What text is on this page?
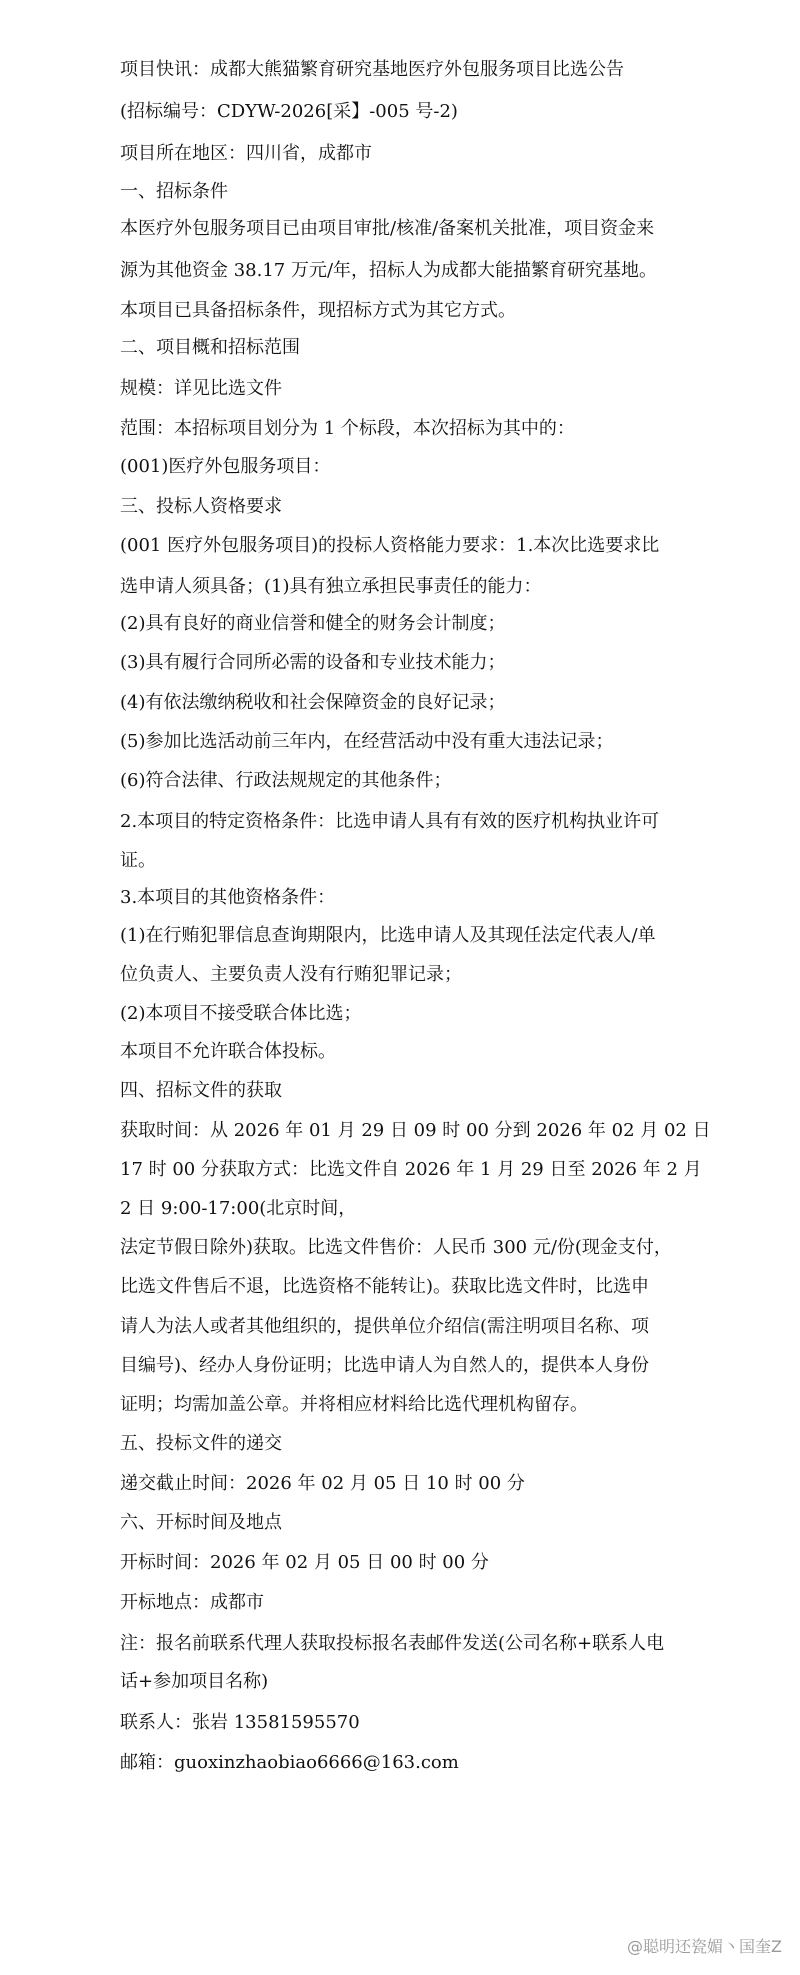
项目快讯：成都大熊猫繁育研究基地医疗外包服务项目比选公告
(招标编号：CDYW-2026[采】-005 号-2)
项目所在地区：四川省，成都市
一、招标条件
本医疗外包服务项目已由项目审批/核准/备案机关批准，项目资金来
源为其他资金 38.17 万元/年，招标人为成都大能描繁育研究基地。
本项目已具备招标条件，现招标方式为其它方式。
二、项目概和招标范围
规模：详见比选文件
范围：本招标项目划分为 1 个标段，本次招标为其中的：
(001)医疗外包服务项目：
三、投标人资格要求
(001 医疗外包服务项目)的投标人资格能力要求：1.本次比选要求比
选申请人须具备；(1)具有独立承担民事责任的能力：
(2)具有良好的商业信誉和健全的财务会计制度；
(3)具有履行合同所必需的设备和专业技术能力；
(4)有依法缴纳税收和社会保障资金的良好记录；
(5)参加比选活动前三年内，在经营活动中没有重大违法记录；
(6)符合法律、行政法规规定的其他条件；
2.本项目的特定资格条件：比选申请人具有有效的医疗机构执业许可
证。
3.本项目的其他资格条件：
(1)在行贿犯罪信息查询期限内，比选申请人及其现任法定代表人/单
位负责人、主要负责人没有行贿犯罪记录；
(2)本项目不接受联合体比选；
本项目不允许联合体投标。
四、招标文件的获取
获取时间：从 2026 年 01 月 29 日 09 时 00 分到 2026 年 02 月 02 日
17 时 00 分获取方式：比选文件自 2026 年 1 月 29 日至 2026 年 2 月
2 日 9:00-17:00(北京时间，
法定节假日除外)获取。比选文件售价：人民币 300 元/份(现金支付，
比选文件售后不退，比选资格不能转让)。获取比选文件时，比选申
请人为法人或者其他组织的，提供单位介绍信(需注明项目名称、项
目编号)、经办人身份证明；比选申请人为自然人的，提供本人身份
证明；均需加盖公章。并将相应材料给比选代理机构留存。
五、投标文件的递交
递交截止时间：2026 年 02 月 05 日 10 时 00 分
六、开标时间及地点
开标时间：2026 年 02 月 05 日 00 时 00 分
开标地点：成都市
注：报名前联系代理人获取投标报名表邮件发送(公司名称+联系人电
话+参加项目名称)
联系人：张岩 13581595570
邮箱：guoxinzhaobiao6666@163.com
@聪明还瓷媚丶国奎Z
